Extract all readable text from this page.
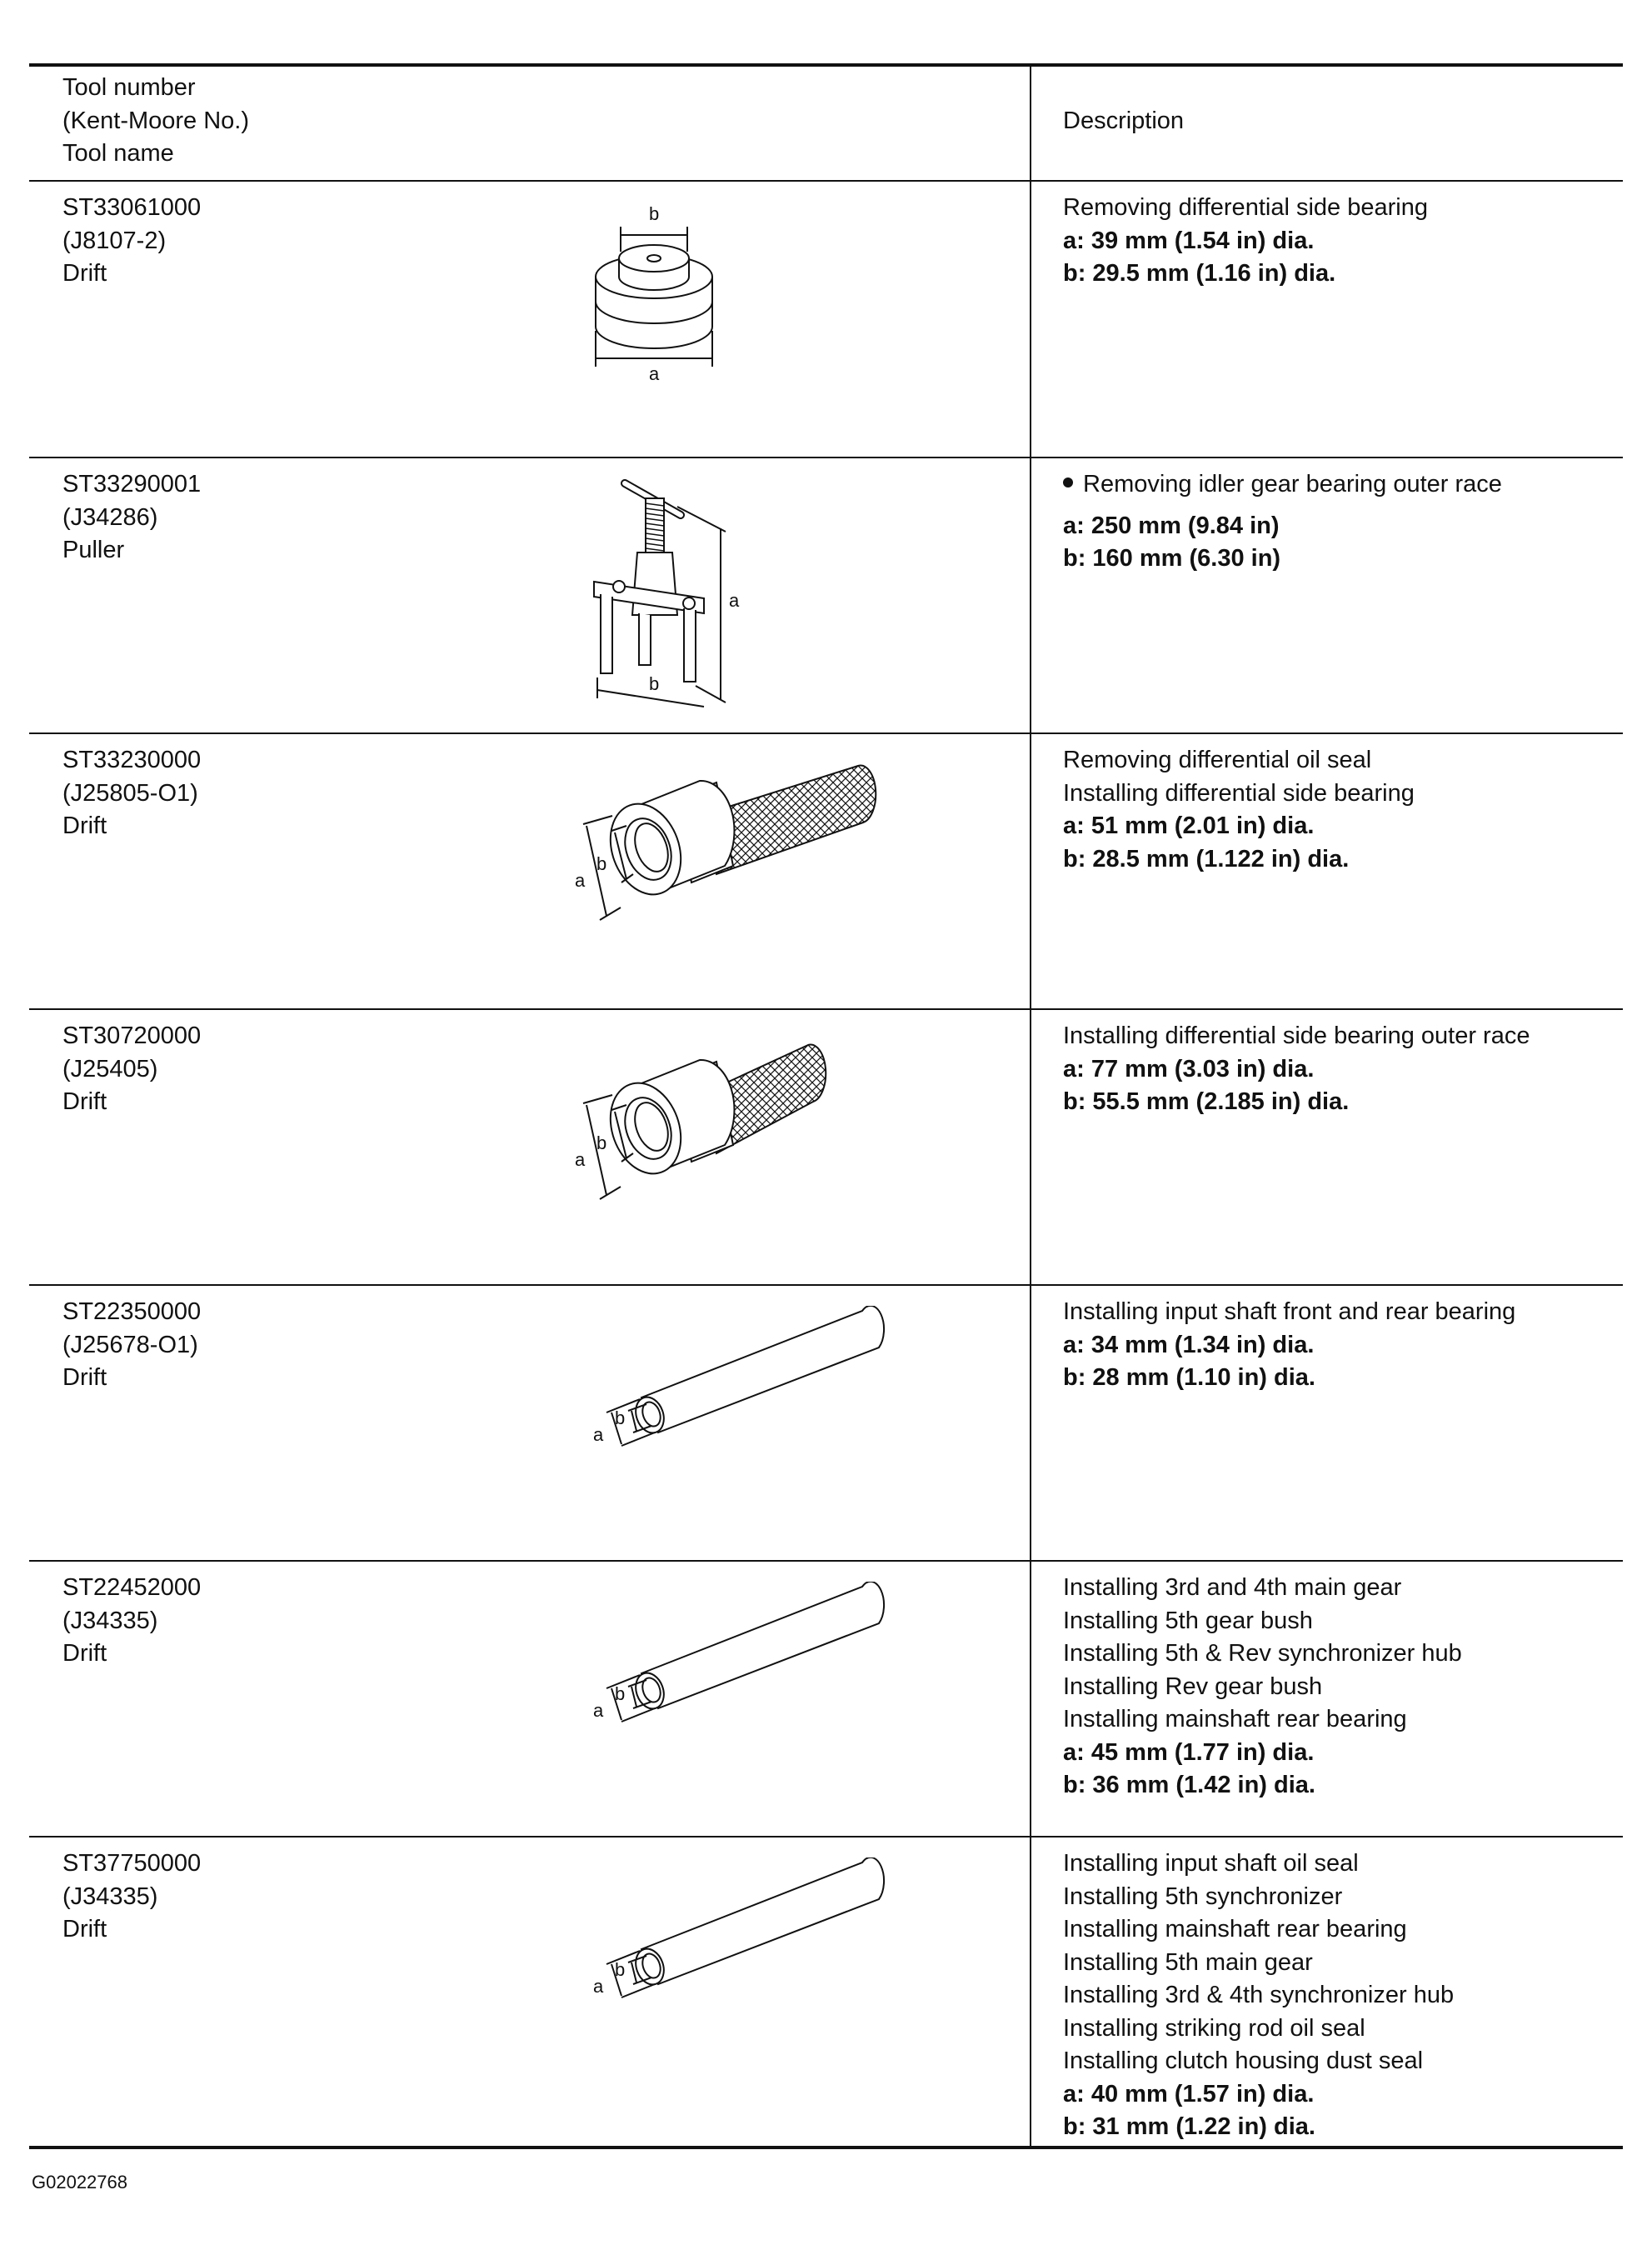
Tool number
(Kent-Moore No.)
Tool name
Description
ST33061000
(J8107-2)
Drift
b
a
Removing differential side bearing
a: 39 mm (1.54 in) dia.
b: 29.5 mm (1.16 in) dia.
ST33290001
(J34286)
Puller
a
b
Removing idler gear bearing outer race
a: 250 mm (9.84 in)
b: 160 mm (6.30 in)
ST33230000
(J25805-O1)
Drift
a
b
Removing differential oil seal
Installing differential side bearing
a: 51 mm (2.01 in) dia.
b: 28.5 mm (1.122 in) dia.
ST30720000
(J25405)
Drift
a
b
Installing differential side bearing outer race
a: 77 mm (3.03 in) dia.
b: 55.5 mm (2.185 in) dia.
ST22350000
(J25678-O1)
Drift
a
b
Installing input shaft front and rear bearing
a: 34 mm (1.34 in) dia.
b: 28 mm (1.10 in) dia.
ST22452000
(J34335)
Drift
a
b
Installing 3rd and 4th main gear
Installing 5th gear bush
Installing 5th & Rev synchronizer hub
Installing Rev gear bush
Installing mainshaft rear bearing
a: 45 mm (1.77 in) dia.
b: 36 mm (1.42 in) dia.
ST37750000
(J34335)
Drift
a
b
Installing input shaft oil seal
Installing 5th synchronizer
Installing mainshaft rear bearing
Installing 5th main gear
Installing 3rd & 4th synchronizer hub
Installing striking rod oil seal
Installing clutch housing dust seal
a: 40 mm (1.57 in) dia.
b: 31 mm (1.22 in) dia.
G02022768
